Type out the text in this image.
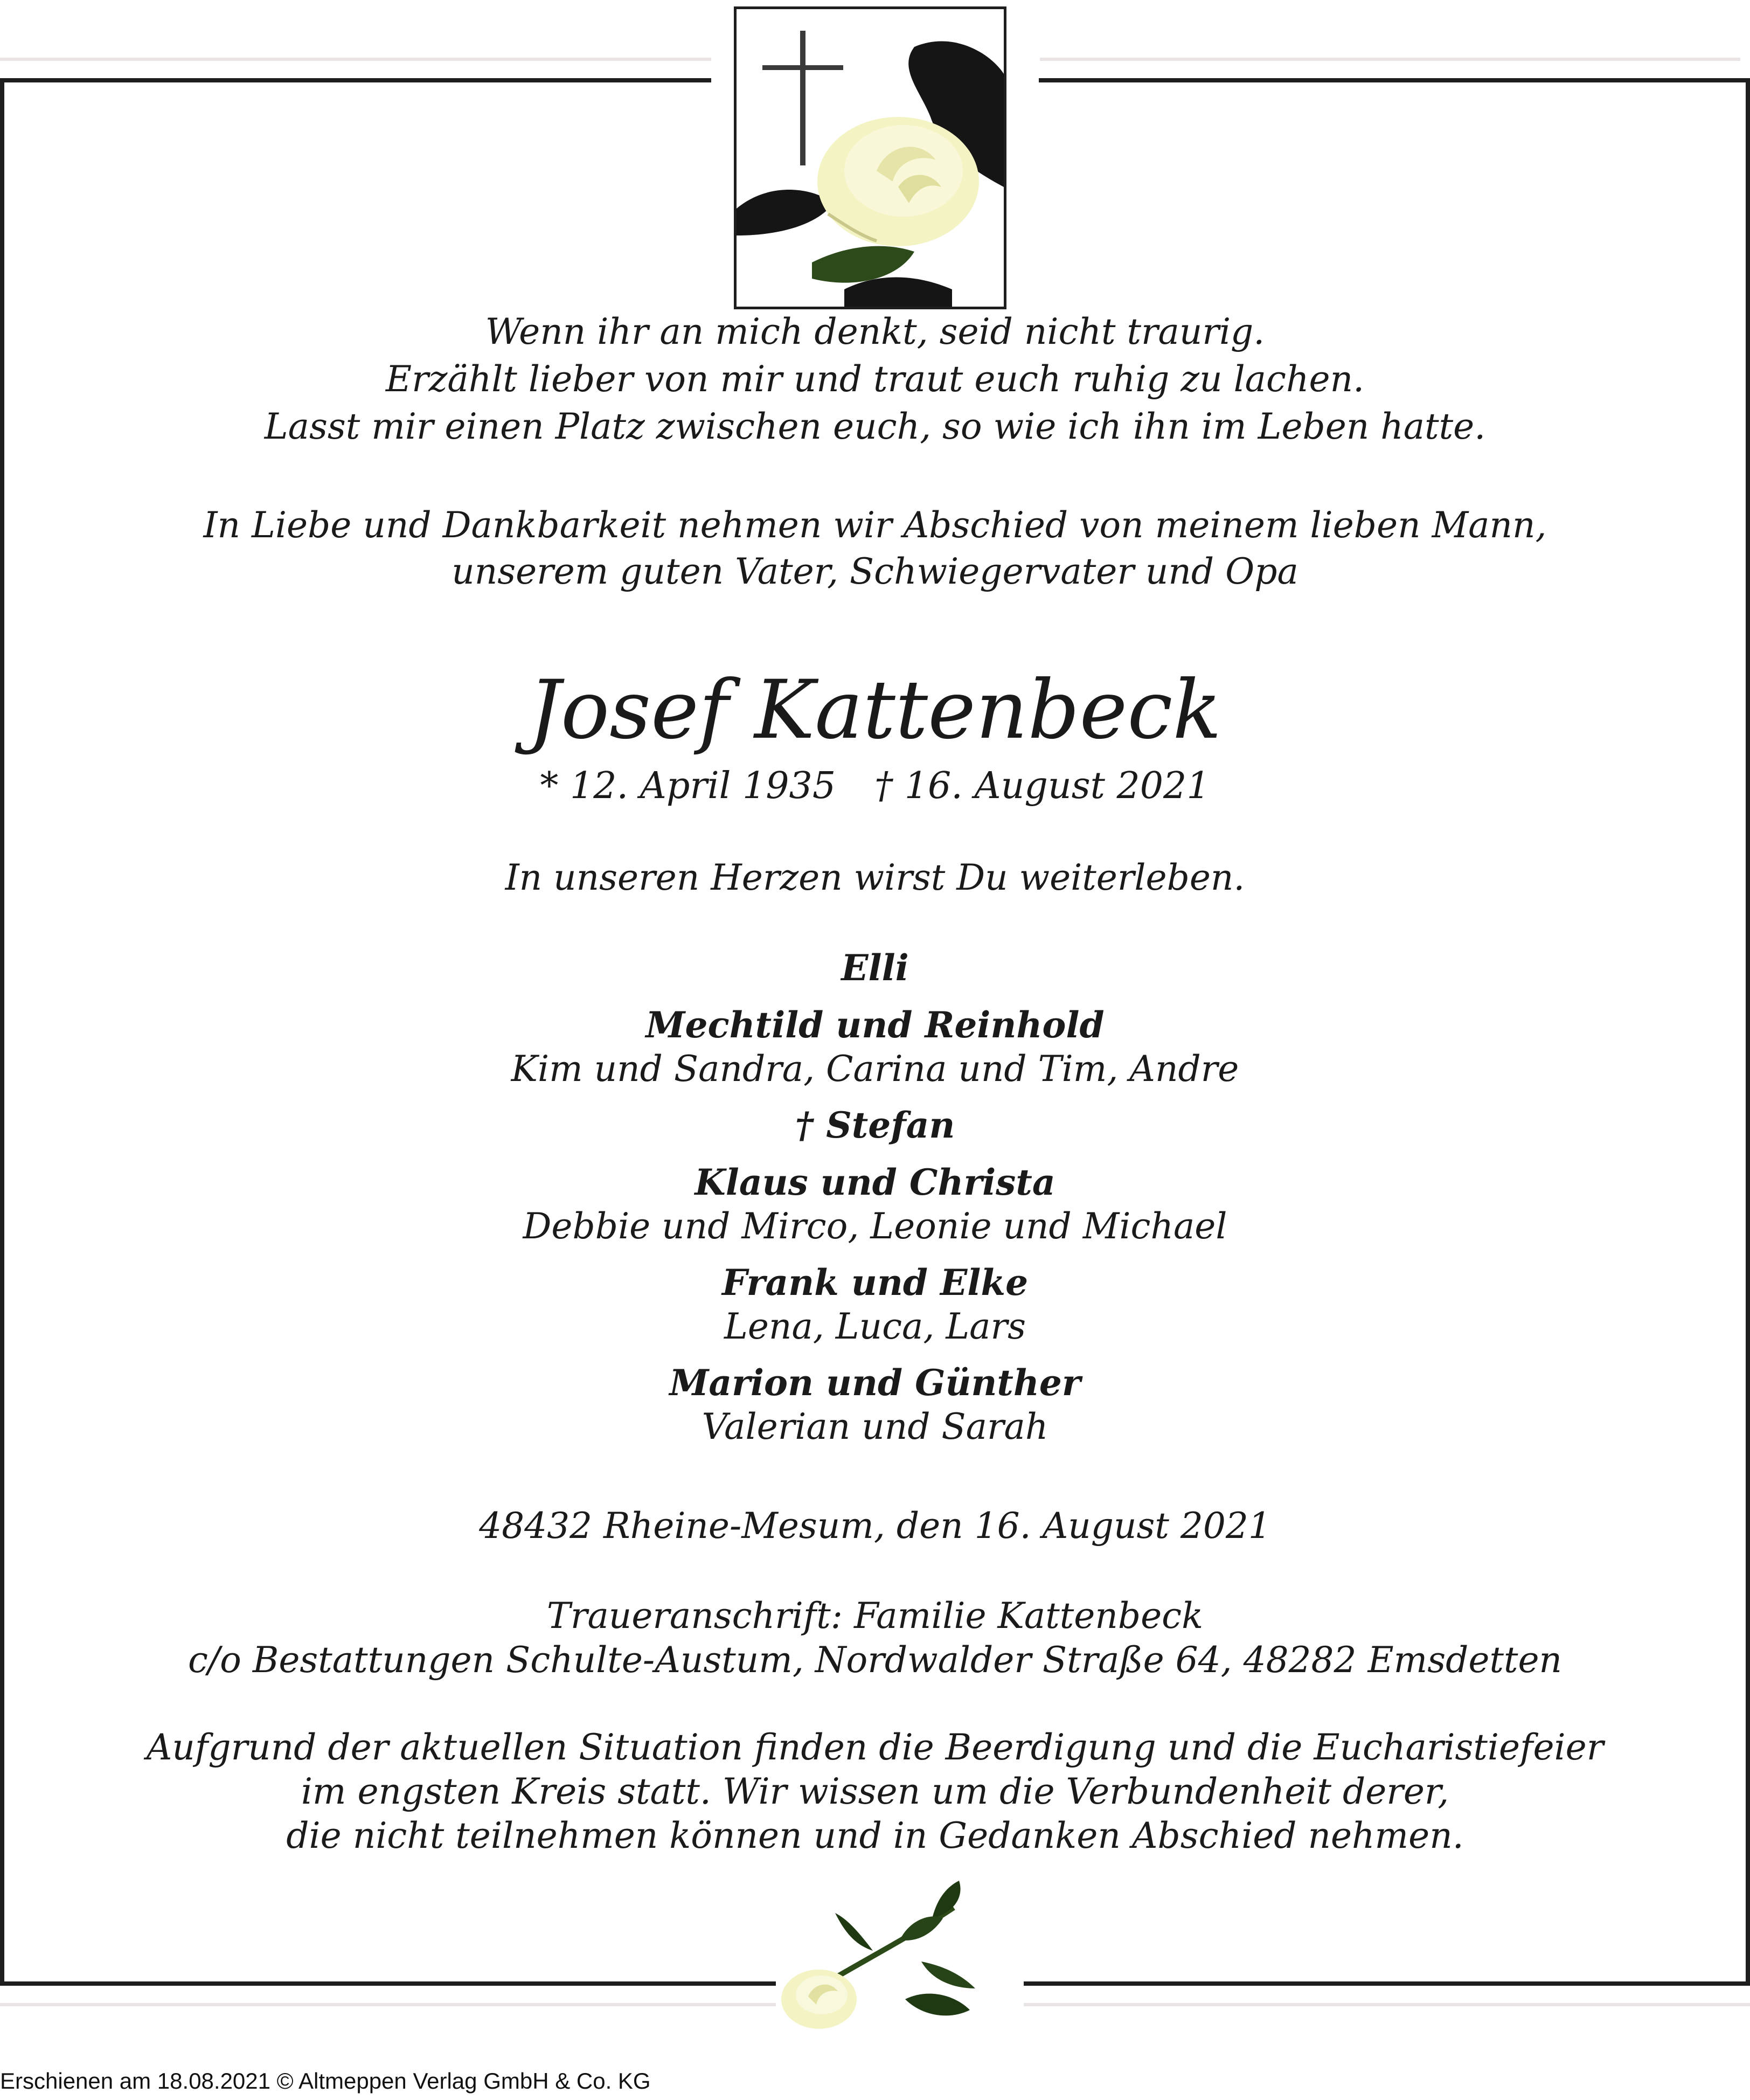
Wenn ihr an mich denkt, seid nicht traurig.
Erzählt lieber von mir und traut euch ruhig zu lachen.
Lasst mir einen Platz zwischen euch, so wie ich ihn im Leben hatte.
In Liebe und Dankbarkeit nehmen wir Abschied von meinem lieben Mann,
unserem guten Vater, Schwiegervater und Opa
Josef Kattenbeck
* 12. April 1935 † 16. August 2021
In unseren Herzen wirst Du weiterleben.
Elli
Mechtild und Reinhold
Kim und Sandra, Carina und Tim, Andre
† Stefan
Klaus und Christa
Debbie und Mirco, Leonie und Michael
Frank und Elke
Lena, Luca, Lars
Marion und Günther
Valerian und Sarah
48432 Rheine-Mesum, den 16. August 2021
Traueranschrift: Familie Kattenbeck
c/o Bestattungen Schulte-Austum, Nordwalder Straße 64, 48282 Emsdetten
Aufgrund der aktuellen Situation finden die Beerdigung und die Eucharistiefeier
im engsten Kreis statt. Wir wissen um die Verbundenheit derer,
die nicht teilnehmen können und in Gedanken Abschied nehmen.
Erschienen am 18.08.2021 © Altmeppen Verlag GmbH & Co. KG
